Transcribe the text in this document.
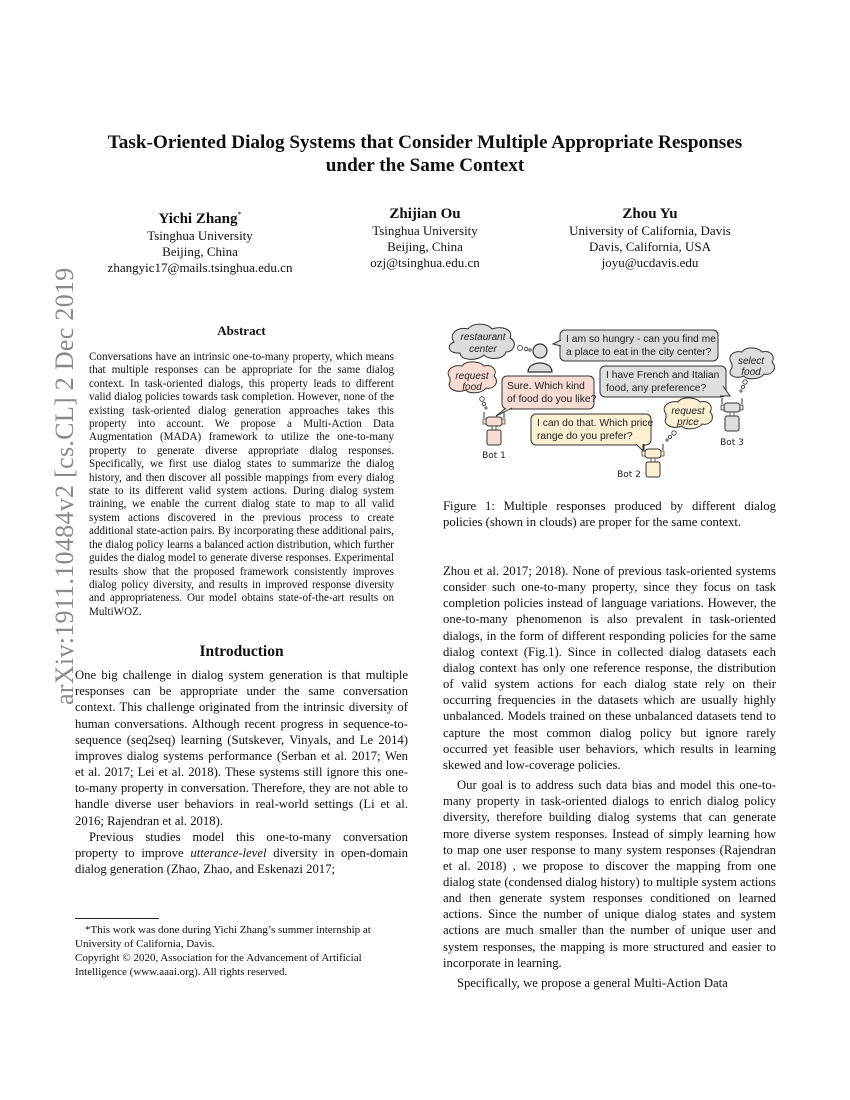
Task-Oriented Dialog Systems that Consider Multiple Appropriate Responses
under the Same Context
Yichi Zhang*
Tsinghua University
Beijing, China
zhangyic17@mails.tsinghua.edu.cn
Zhijian Ou
Tsinghua University
Beijing, China
ozj@tsinghua.edu.cn
Zhou Yu
University of California, Davis
Davis, California, USA
joyu@ucdavis.edu
arXiv:1911.10484v2 [cs.CL] 2 Dec 2019	Abstract
Conversations have an intrinsic one-to-many property, which means that multiple responses can be appropriate for the same dialog context. In task-oriented dialogs, this property leads to different valid dialog policies towards task completion. However, none of the existing task-oriented dialog generation approaches takes this property into account. We propose a Multi-Action Data Augmentation (MADA) framework to utilize the one-to-many property to generate diverse appropriate dialog responses. Specifically, we first use dialog states to summarize the dialog history, and then discover all possible mappings from every dialog state to its different valid system actions. During dialog system training, we enable the current dialog state to map to all valid system actions discovered in the previous process to create additional state-action pairs. By incorporating these additional pairs, the dialog policy learns a balanced action distribution, which further guides the dialog model to generate diverse responses. Experimental results show that the proposed framework consistently improves dialog policy diversity, and results in improved response diversity and appropriateness. Our model obtains state-of-the-art results on MultiWOZ.
Introduction

One big challenge in dialog system generation is that multiple responses can be appropriate under the same conversation context. This challenge originated from the intrinsic diversity of human conversations. Although recent progress in sequence-to-sequence (seq2seq) learning (Sutskever, Vinyals, and Le 2014) improves dialog systems performance (Serban et al. 2017; Wen et al. 2017; Lei et al. 2018). These systems still ignore this one-to-many property in conversation. Therefore, they are not able to handle diverse user behaviors in real-world settings (Li et al. 2016; Rajendran et al. 2018).

Previous studies model this one-to-many conversation property to improve utterance-level diversity in open-domain dialog generation (Zhao, Zhao, and Eskenazi 2017;

*This work was done during Yichi Zhang’s summer internship at University of California, Davis.

Copyright © 2020, Association for the Advancement of Artificial Intelligence (www.aaai.org). All rights reserved.

restaurant
center
I am so hungry - can you find me
a place to eat in the city center?
request
food Sure. Which kind
of food do you like?
Bot 1
I can do that. Which price
range do you prefer?
request
price
Bot 2
I have French and Italian
food, any preference?
select
food
Bot 3
Figure 1: Multiple responses produced by different dialog policies (shown in clouds) are proper for the same context.

Zhou et al. 2017; 2018). None of previous task-oriented systems consider such one-to-many property, since they focus on task completion policies instead of language variations. However, the one-to-many phenomenon is also prevalent in task-oriented dialogs, in the form of different responding policies for the same dialog context (Fig.1). Since in collected dialog datasets each dialog context has only one reference response, the distribution of valid system actions for each dialog state rely on their occurring frequencies in the datasets which are usually highly unbalanced. Models trained on these unbalanced datasets tend to capture the most common dialog policy but ignore rarely occurred yet feasible user behaviors, which results in learning skewed and low-coverage policies.

Our goal is to address such data bias and model this one-to-many property in task-oriented dialogs to enrich dialog policy diversity, therefore building dialog systems that can generate more diverse system responses. Instead of simply learning how to map one user response to many system responses (Rajendran et al. 2018) , we propose to discover the mapping from one dialog state (condensed dialog history) to multiple system actions and then generate system responses conditioned on learned actions. Since the number of unique dialog states and system actions are much smaller than the number of unique user and system responses, the mapping is more structured and easier to incorporate in learning.

Specifically, we propose a general Multi-Action Data
